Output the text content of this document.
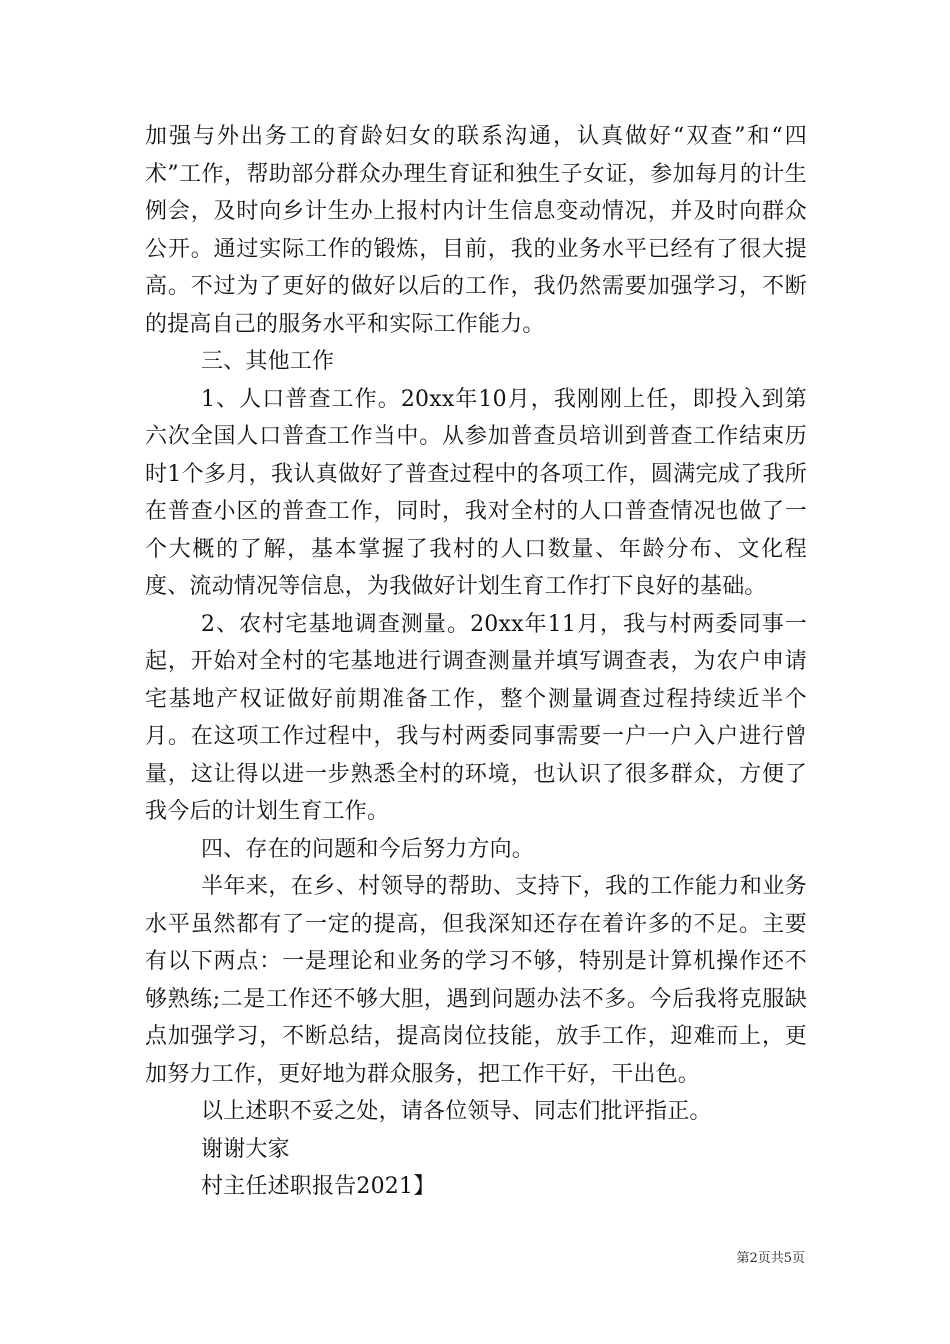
加强与外出务工的育龄妇女的联系沟通，认真做好“双查”和“四术”工作，帮助部分群众办理生育证和独生子女证，参加每月的计生例会，及时向乡计生办上报村内计生信息变动情况，并及时向群众公开。通过实际工作的锻炼，目前，我的业务水平已经有了很大提高。不过为了更好的做好以后的工作，我仍然需要加强学习，不断的提高自己的服务水平和实际工作能力。

三、其他工作

1、人口普查工作。20xx年10月，我刚刚上任，即投入到第六次全国人口普查工作当中。从参加普查员培训到普查工作结束历时1个多月，我认真做好了普查过程中的各项工作，圆满完成了我所在普查小区的普查工作，同时，我对全村的人口普查情况也做了一个大概的了解，基本掌握了我村的人口数量、年龄分布、文化程度、流动情况等信息，为我做好计划生育工作打下良好的基础。

2、农村宅基地调查测量。20xx年11月，我与村两委同事一起，开始对全村的宅基地进行调查测量并填写调查表，为农户申请宅基地产权证做好前期准备工作，整个测量调查过程持续近半个月。在这项工作过程中，我与村两委同事需要一户一户入户进行曾量，这让得以进一步熟悉全村的环境，也认识了很多群众，方便了我今后的计划生育工作。

四、存在的问题和今后努力方向。

半年来，在乡、村领导的帮助、支持下，我的工作能力和业务水平虽然都有了一定的提高，但我深知还存在着许多的不足。主要有以下两点：一是理论和业务的学习不够，特别是计算机操作还不够熟练;二是工作还不够大胆，遇到问题办法不多。今后我将克服缺点加强学习，不断总结，提高岗位技能，放手工作，迎难而上，更加努力工作，更好地为群众服务，把工作干好，干出色。

以上述职不妥之处，请各位领导、同志们批评指正。

谢谢大家

村主任述职报告2021】

第2页共5页
